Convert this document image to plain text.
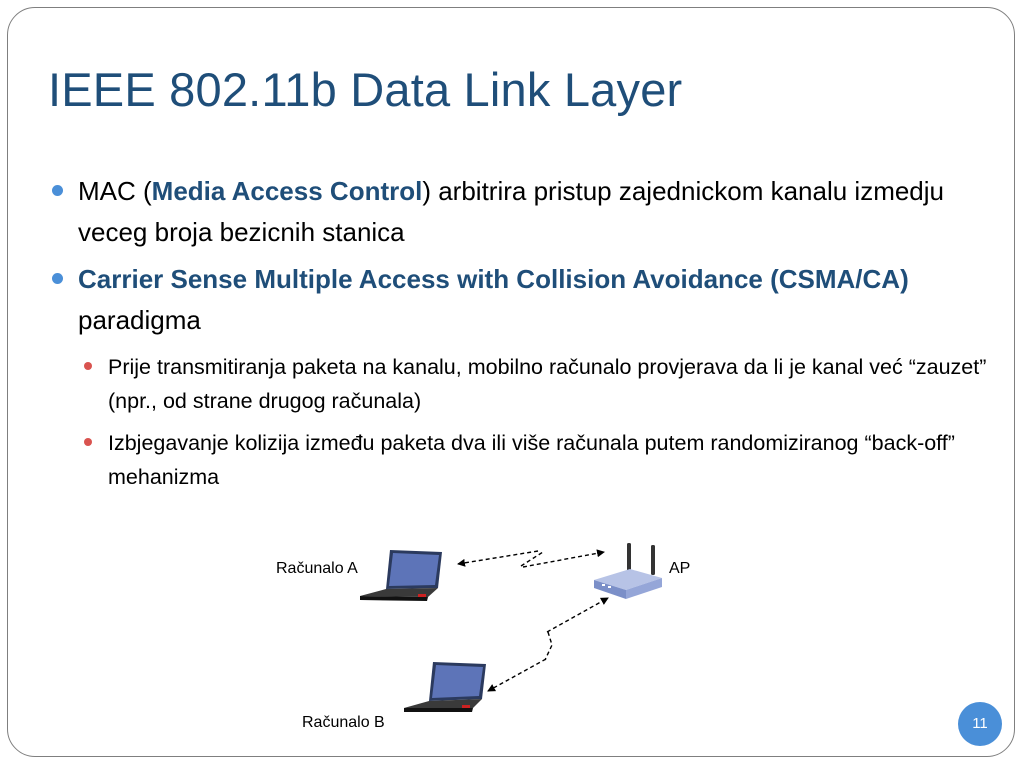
IEEE 802.11b Data Link Layer
MAC (Media Access Control) arbitrira pristup zajednickom kanalu izmedju veceg broja bezicnih stanica
Carrier Sense Multiple Access with Collision Avoidance (CSMA/CA) paradigma
Prije transmitiranja paketa na kanalu, mobilno računalo provjerava da li je kanal već “zauzet” (npr., od strane drugog računala)
Izbjegavanje kolizija između paketa dva ili više računala putem randomiziranog “back-off” mehanizma
Računalo A	AP
Računalo B	11
